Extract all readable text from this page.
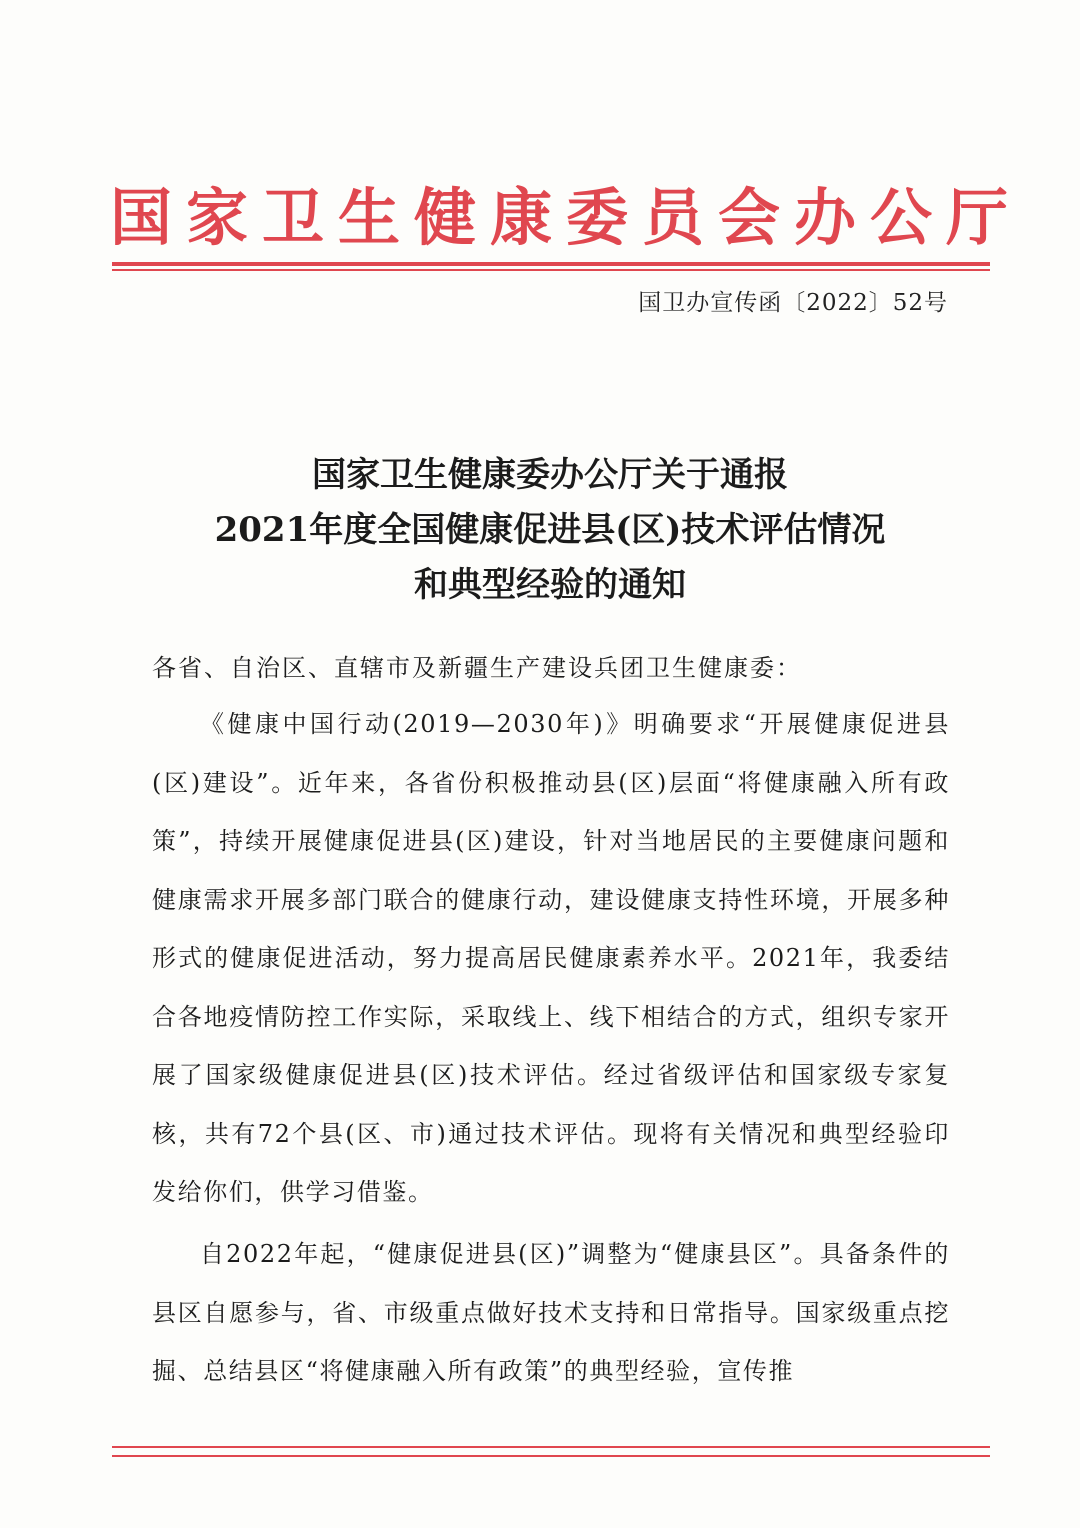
国家卫生健康委员会办公厅
国卫办宣传函〔2022〕52号
国家卫生健康委办公厅关于通报
2021年度全国健康促进县(区)技术评估情况
和典型经验的通知
各省、自治区、直辖市及新疆生产建设兵团卫生健康委：
《健康中国行动(2019—2030年)》明确要求“开展健康促进县(区)建设”。近年来，各省份积极推动县(区)层面“将健康融入所有政策”，持续开展健康促进县(区)建设，针对当地居民的主要健康问题和健康需求开展多部门联合的健康行动，建设健康支持性环境，开展多种形式的健康促进活动，努力提高居民健康素养水平。2021年，我委结合各地疫情防控工作实际，采取线上、线下相结合的方式，组织专家开展了国家级健康促进县(区)技术评估。经过省级评估和国家级专家复核，共有72个县(区、市)通过技术评估。现将有关情况和典型经验印发给你们，供学习借鉴。
自2022年起，“健康促进县(区)”调整为“健康县区”。具备条件的县区自愿参与，省、市级重点做好技术支持和日常指导。国家级重点挖掘、总结县区“将健康融入所有政策”的典型经验，宣传推
